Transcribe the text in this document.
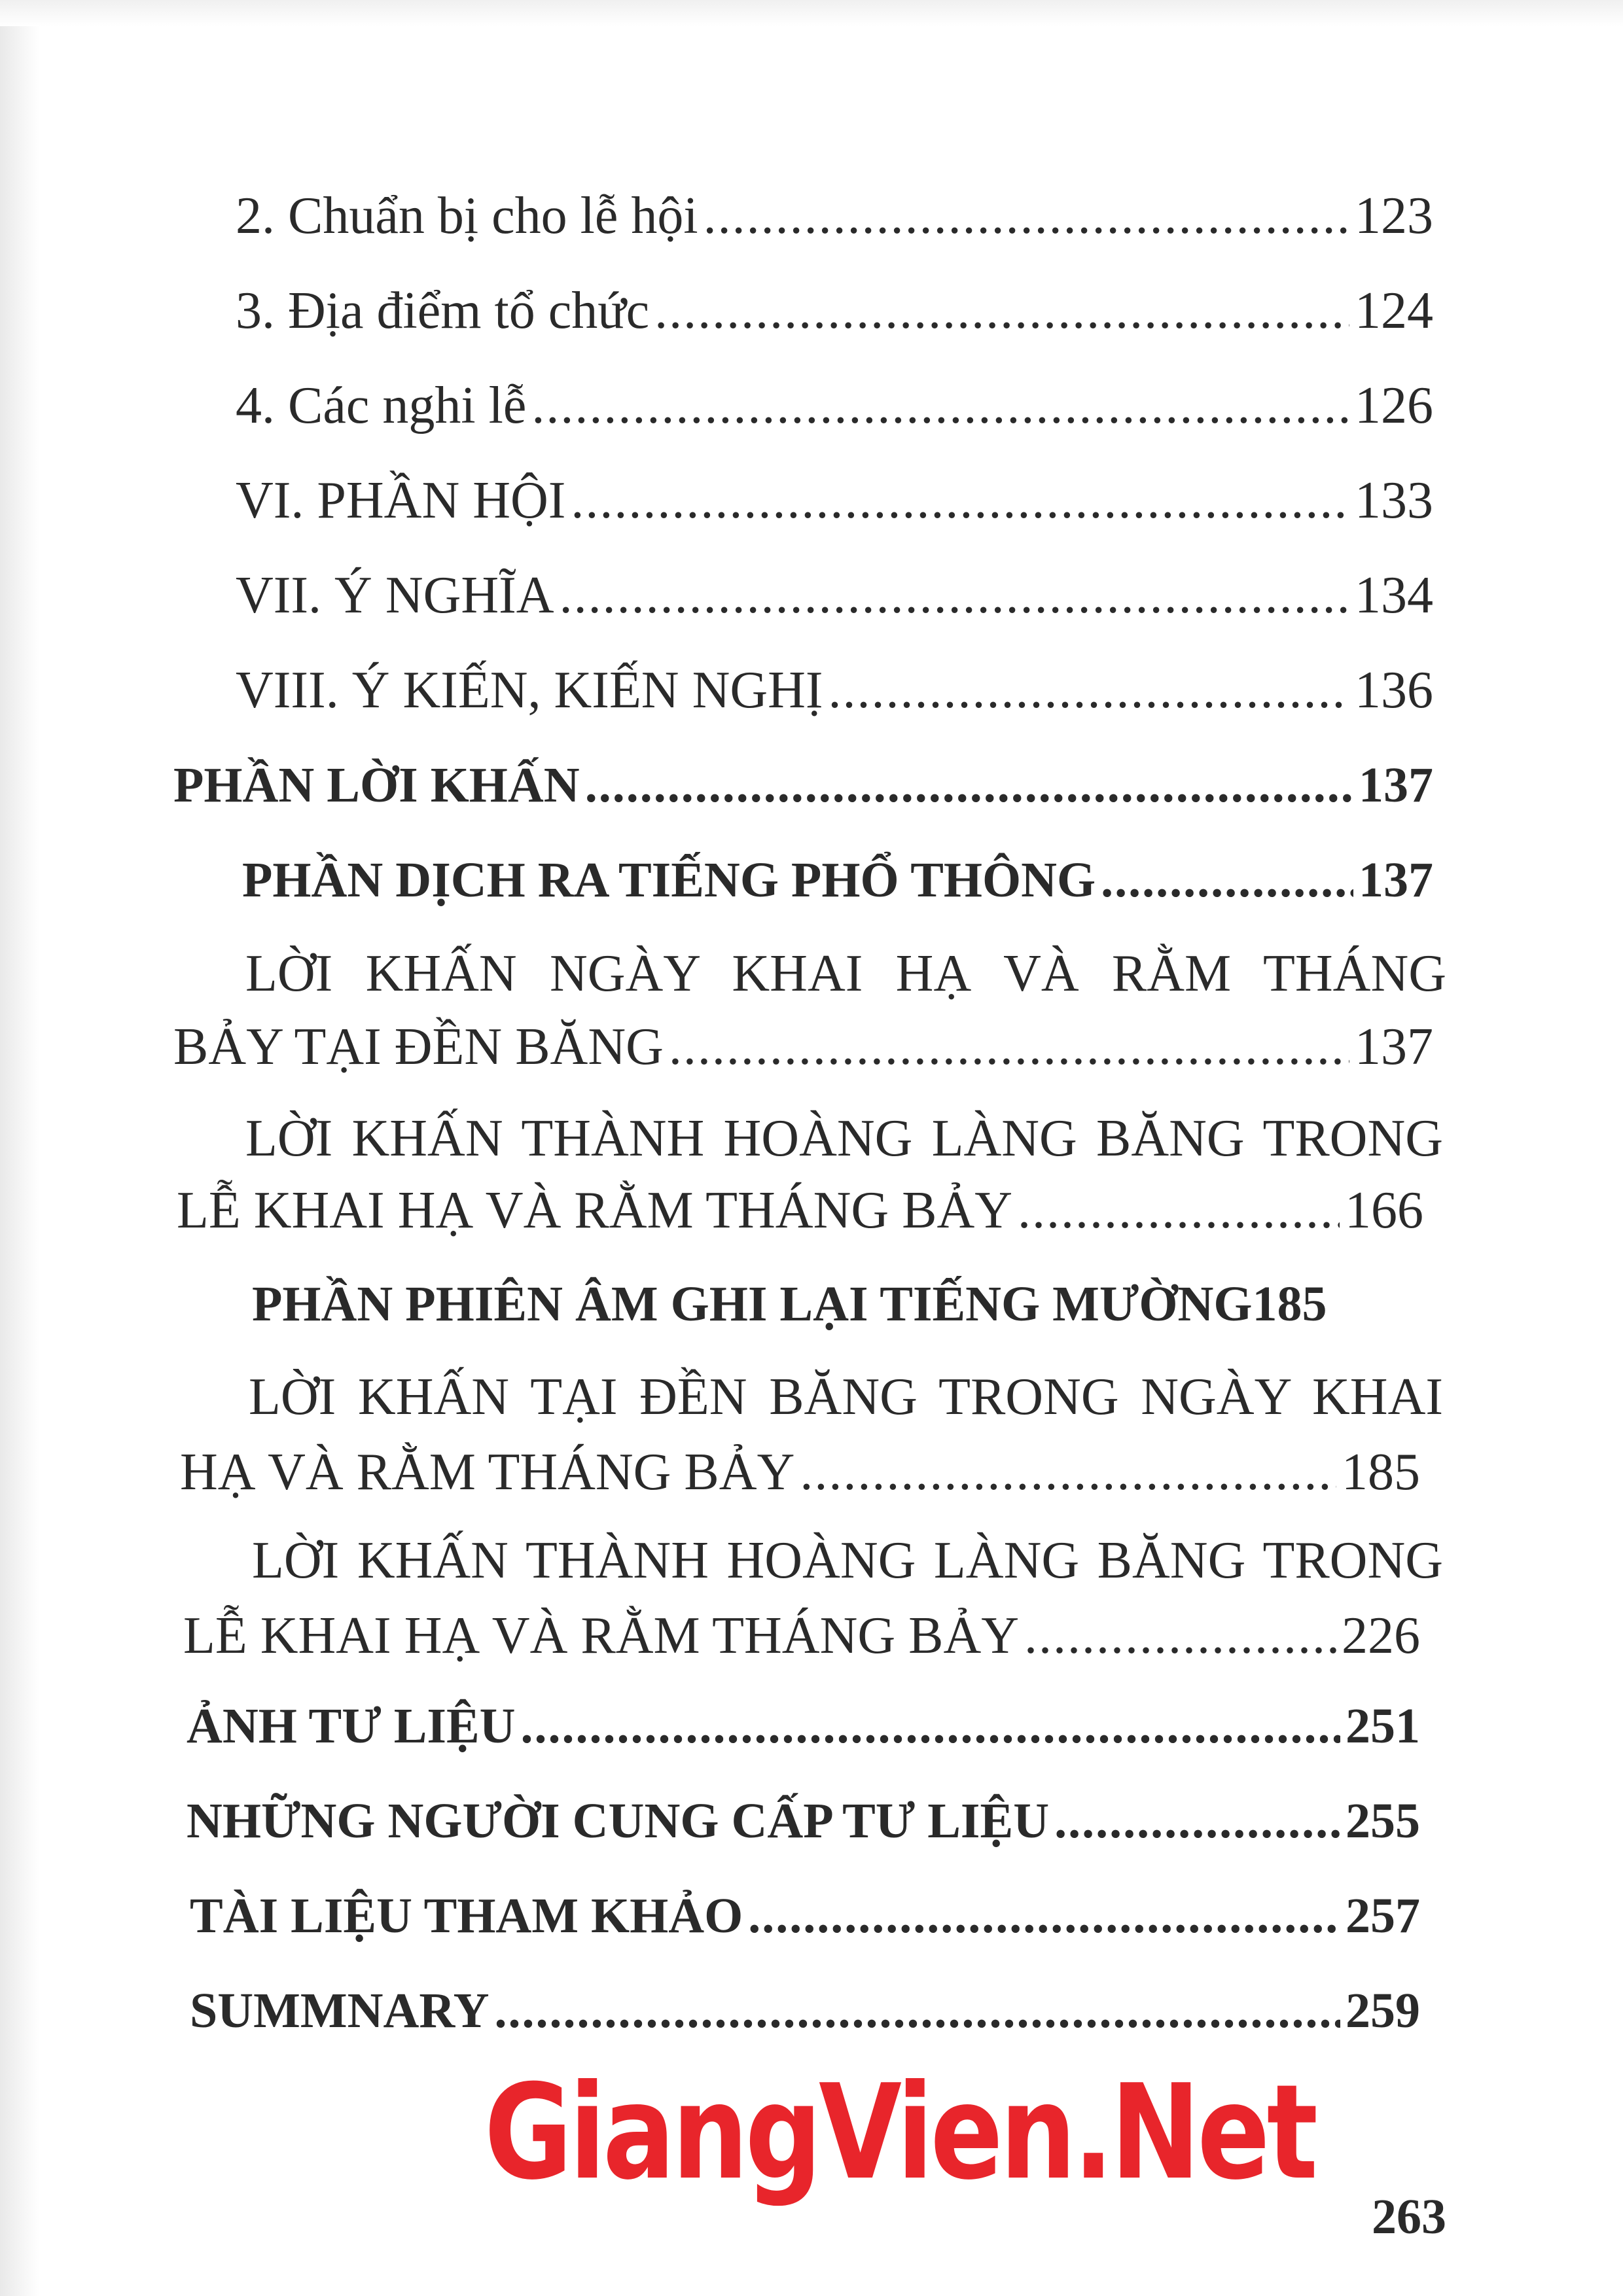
2. Chuẩn bị cho lễ hội .....	123
3. Địa điểm tổ chức .....	124
4. Các nghi lễ .....	126
VI. PHẦN HỘI .....	133
VII. Ý NGHĨA .....	134
VIII. Ý KIẾN, KIẾN NGHỊ .....	136
PHẦN LỜI KHẤN .....	137
PHẦN DỊCH RA TIẾNG PHỔ THÔNG .....	137
LỜI KHẤN NGÀY KHAI HẠ VÀ RẰM THÁNG
BẢY TẠI ĐỀN BĂNG .....	137
LỜI KHẤN THÀNH HOÀNG LÀNG BĂNG TRONG
LỄ KHAI HẠ VÀ RẰM THÁNG BẢY .....	166
PHẦN PHIÊN ÂM GHI LẠI TIẾNG MƯỜNG 185
LỜI KHẤN TẠI ĐỀN BĂNG TRONG NGÀY KHAI
HẠ VÀ RẰM THÁNG BẢY .....	185
LỜI KHẤN THÀNH HOÀNG LÀNG BĂNG TRONG
LỄ KHAI HẠ VÀ RẰM THÁNG BẢY .....	226
ẢNH TƯ LIỆU .....	251
NHỮNG NGƯỜI CUNG CẤP TƯ LIỆU .....	255
TÀI LIỆU THAM KHẢO .....	257
SUMMNARY .....	259
GiangVien.Net
263
